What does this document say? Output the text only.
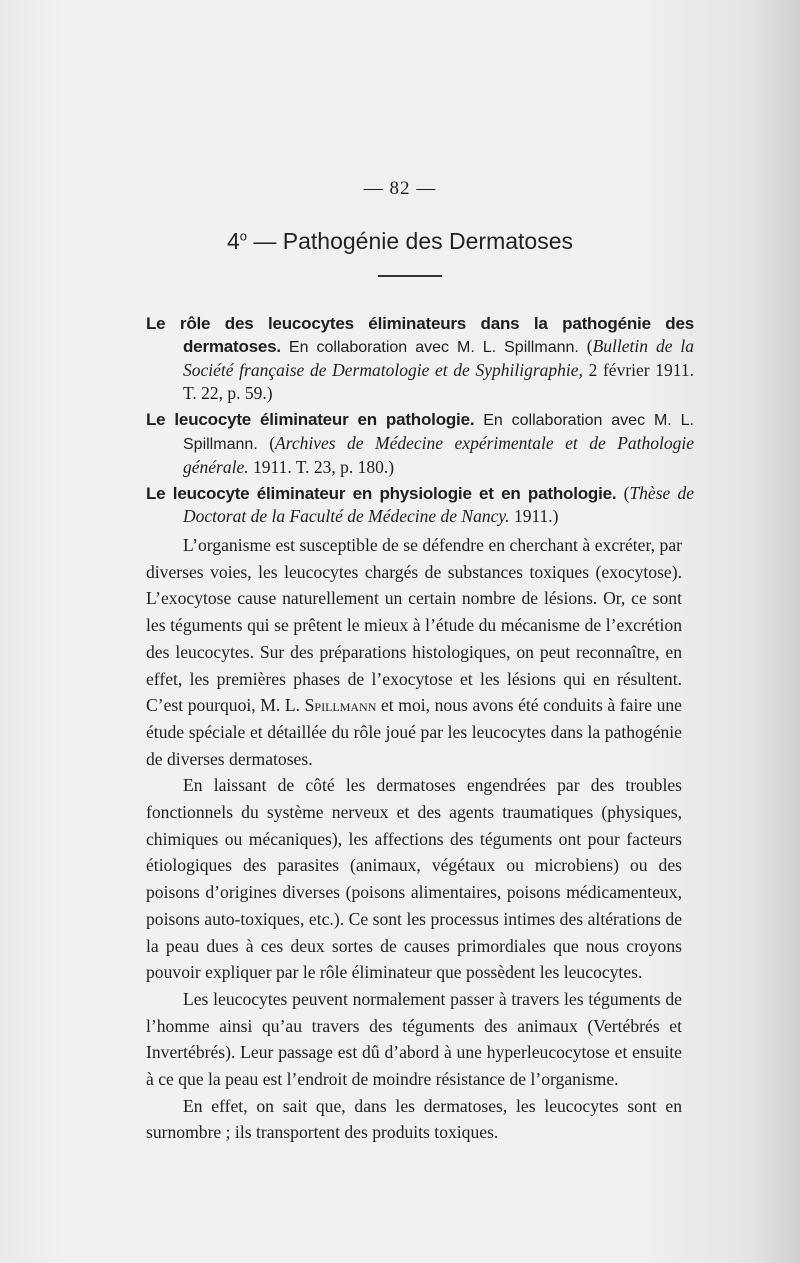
— 82 —
4$^o$ — Pathogénie des Dermatoses
Le rôle des leucocytes éliminateurs dans la pathogénie des dermatoses. En collaboration avec M. L. Spillmann. (Bulletin de la Société française de Dermatologie et de Syphiligraphie, 2 février 1911. T. 22, p. 59.)
Le leucocyte éliminateur en pathologie. En collaboration avec M. L. Spillmann. (Archives de Médecine expérimentale et de Pathologie générale. 1911. T. 23, p. 180.)
Le leucocyte éliminateur en physiologie et en pathologie. (Thèse de Doctorat de la Faculté de Médecine de Nancy. 1911.)

L’organisme est susceptible de se défendre en cherchant à excréter, par diverses voies, les leucocytes chargés de substances toxiques (exocytose). L’exocytose cause naturellement un certain nombre de lésions. Or, ce sont les téguments qui se prêtent le mieux à l’étude du mécanisme de l’excrétion des leucocytes. Sur des préparations histologiques, on peut reconnaître, en effet, les premières phases de l’exocytose et les lésions qui en résultent. C’est pourquoi, M. L. Spillmann et moi, nous avons été conduits à faire une étude spéciale et détaillée du rôle joué par les leucocytes dans la pathogénie de diverses dermatoses.

En laissant de côté les dermatoses engendrées par des troubles fonctionnels du système nerveux et des agents traumatiques (physiques, chimiques ou mécaniques), les affections des téguments ont pour facteurs étiologiques des parasites (animaux, végétaux ou microbiens) ou des poisons d’origines diverses (poisons alimentaires, poisons médicamenteux, poisons auto-toxiques, etc.). Ce sont les processus intimes des altérations de la peau dues à ces deux sortes de causes primordiales que nous croyons pouvoir expliquer par le rôle éliminateur que possèdent les leucocytes.

Les leucocytes peuvent normalement passer à travers les téguments de l’homme ainsi qu’au travers des téguments des animaux (Vertébrés et Invertébrés). Leur passage est dû d’abord à une hyperleucocytose et ensuite à ce que la peau est l’endroit de moindre résistance de l’organisme.

En effet, on sait que, dans les dermatoses, les leucocytes sont en surnombre ; ils transportent des produits toxiques.
